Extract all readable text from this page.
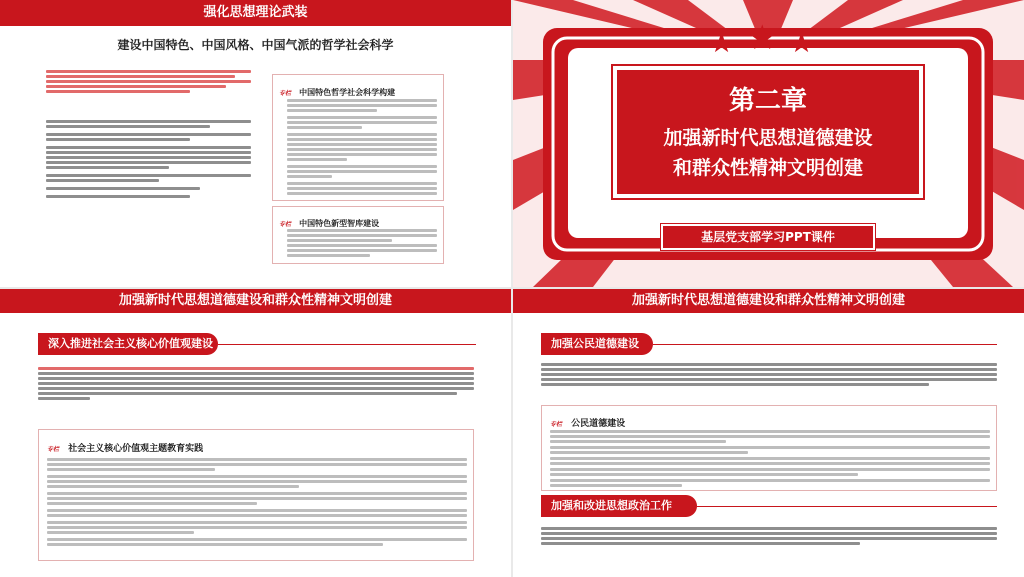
强化思想理论武装
建设中国特色、中国风格、中国气派的哲学社会科学
专栏 中国特色哲学社会科学构建
专栏 中国特色新型智库建设
★ ★ ★
第二章
加强新时代思想道德建设
和群众性精神文明创建
基层党支部学习PPT课件
加强新时代思想道德建设和群众性精神文明创建
深入推进社会主义核心价值观建设
专栏 社会主义核心价值观主题教育实践
加强新时代思想道德建设和群众性精神文明创建
加强公民道德建设
专栏 公民道德建设
加强和改进思想政治工作
